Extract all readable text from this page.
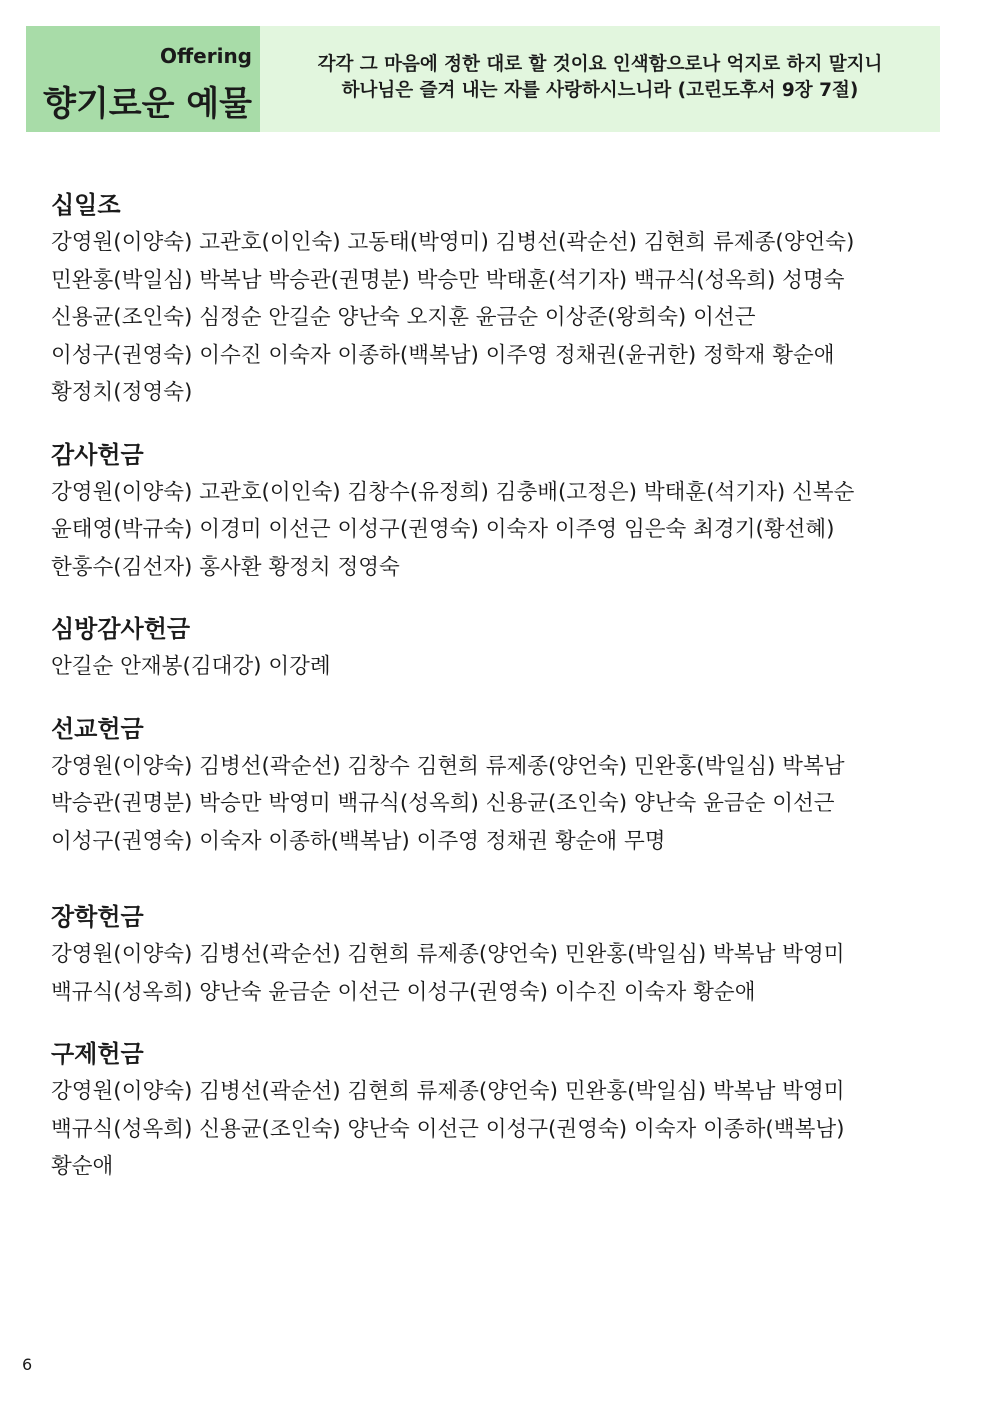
Offering
향기로운 예물
각각 그 마음에 정한 대로 할 것이요 인색함으로나 억지로 하지 말지니
하나님은 즐겨 내는 자를 사랑하시느니라 (고린도후서 9장 7절)
십일조
강영원(이양숙) 고관호(이인숙) 고동태(박영미) 김병선(곽순선) 김현희 류제종(양언숙)
민완홍(박일심) 박복남 박승관(권명분) 박승만 박태훈(석기자) 백규식(성옥희) 성명숙
신용균(조인숙) 심정순 안길순 양난숙 오지훈 윤금순 이상준(왕희숙) 이선근
이성구(권영숙) 이수진 이숙자 이종하(백복남) 이주영 정채권(윤귀한) 정학재 황순애
황정치(정영숙)
감사헌금
강영원(이양숙) 고관호(이인숙) 김창수(유정희) 김충배(고정은) 박태훈(석기자) 신복순
윤태영(박규숙) 이경미 이선근 이성구(권영숙) 이숙자 이주영 임은숙 최경기(황선혜)
한홍수(김선자) 홍사환 황정치 정영숙
심방감사헌금
안길순 안재봉(김대강) 이강례
선교헌금
강영원(이양숙) 김병선(곽순선) 김창수 김현희 류제종(양언숙) 민완홍(박일심) 박복남
박승관(권명분) 박승만 박영미 백규식(성옥희) 신용균(조인숙) 양난숙 윤금순 이선근
이성구(권영숙) 이숙자 이종하(백복남) 이주영 정채권 황순애 무명
장학헌금
강영원(이양숙) 김병선(곽순선) 김현희 류제종(양언숙) 민완홍(박일심) 박복남 박영미
백규식(성옥희) 양난숙 윤금순 이선근 이성구(권영숙) 이수진 이숙자 황순애
구제헌금
강영원(이양숙) 김병선(곽순선) 김현희 류제종(양언숙) 민완홍(박일심) 박복남 박영미
백규식(성옥희) 신용균(조인숙) 양난숙 이선근 이성구(권영숙) 이숙자 이종하(백복남)
황순애
6
